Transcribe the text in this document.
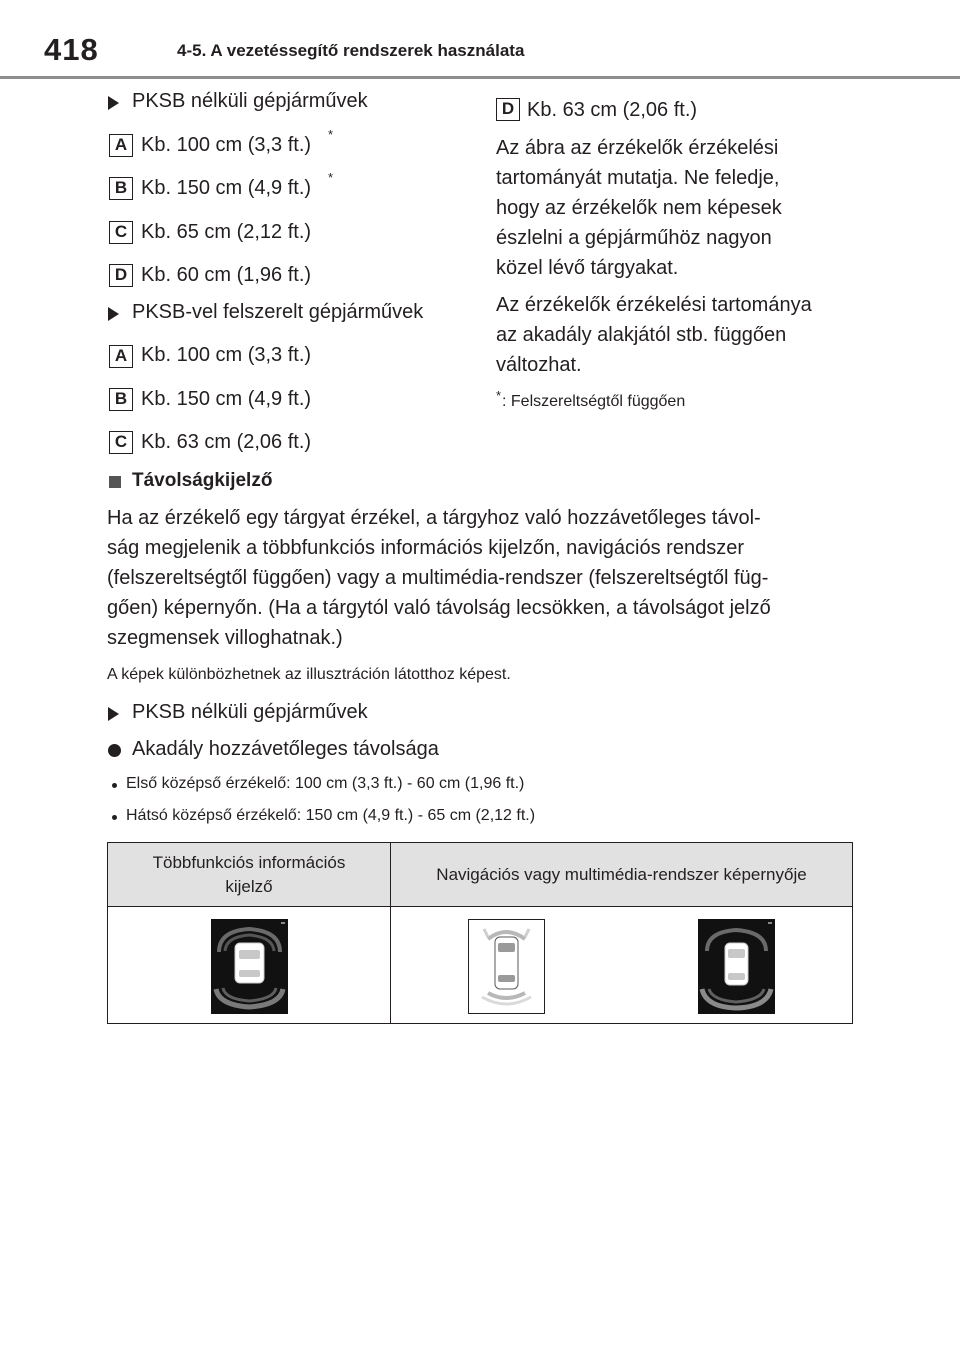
418	4-5. A vezetéssegítő rendszerek használata
PKSB nélküli gépjárművek
A Kb. 100 cm (3,3 ft.) *
B Kb. 150 cm (4,9 ft.) *
C Kb. 65 cm (2,12 ft.)
D Kb. 60 cm (1,96 ft.)
PKSB-vel felszerelt gépjárművek
A Kb. 100 cm (3,3 ft.)
B Kb. 150 cm (4,9 ft.)
C Kb. 63 cm (2,06 ft.)
D Kb. 63 cm (2,06 ft.)
Az ábra az érzékelők érzékelési
tartományát mutatja. Ne feledje,
hogy az érzékelők nem képesek
észlelni a gépjárműhöz nagyon
közel lévő tárgyakat.
Az érzékelők érzékelési tartománya
az akadály alakjától stb. függően
változhat.
* : Felszereltségtől függően
Távolságkijelző
Ha az érzékelő egy tárgyat érzékel, a tárgyhoz való hozzávetőleges távol-
ság megjelenik a többfunkciós információs kijelzőn, navigációs rendszer
(felszereltségtől függően) vagy a multimédia-rendszer (felszereltségtől füg-
gően) képernyőn. (Ha a tárgytól való távolság lecsökken, a távolságot jelző
szegmensek villoghatnak.)
A képek különbözhetnek az illusztráción látotthoz képest.
PKSB nélküli gépjárművek
Akadály hozzávetőleges távolsága
Első középső érzékelő: 100 cm (3,3 ft.) - 60 cm (1,96 ft.)
Hátsó középső érzékelő: 150 cm (4,9 ft.) - 65 cm (2,12 ft.)
Többfunkciós információs
kijelző	Navigációs vagy multimédia-rendszer képernyője
